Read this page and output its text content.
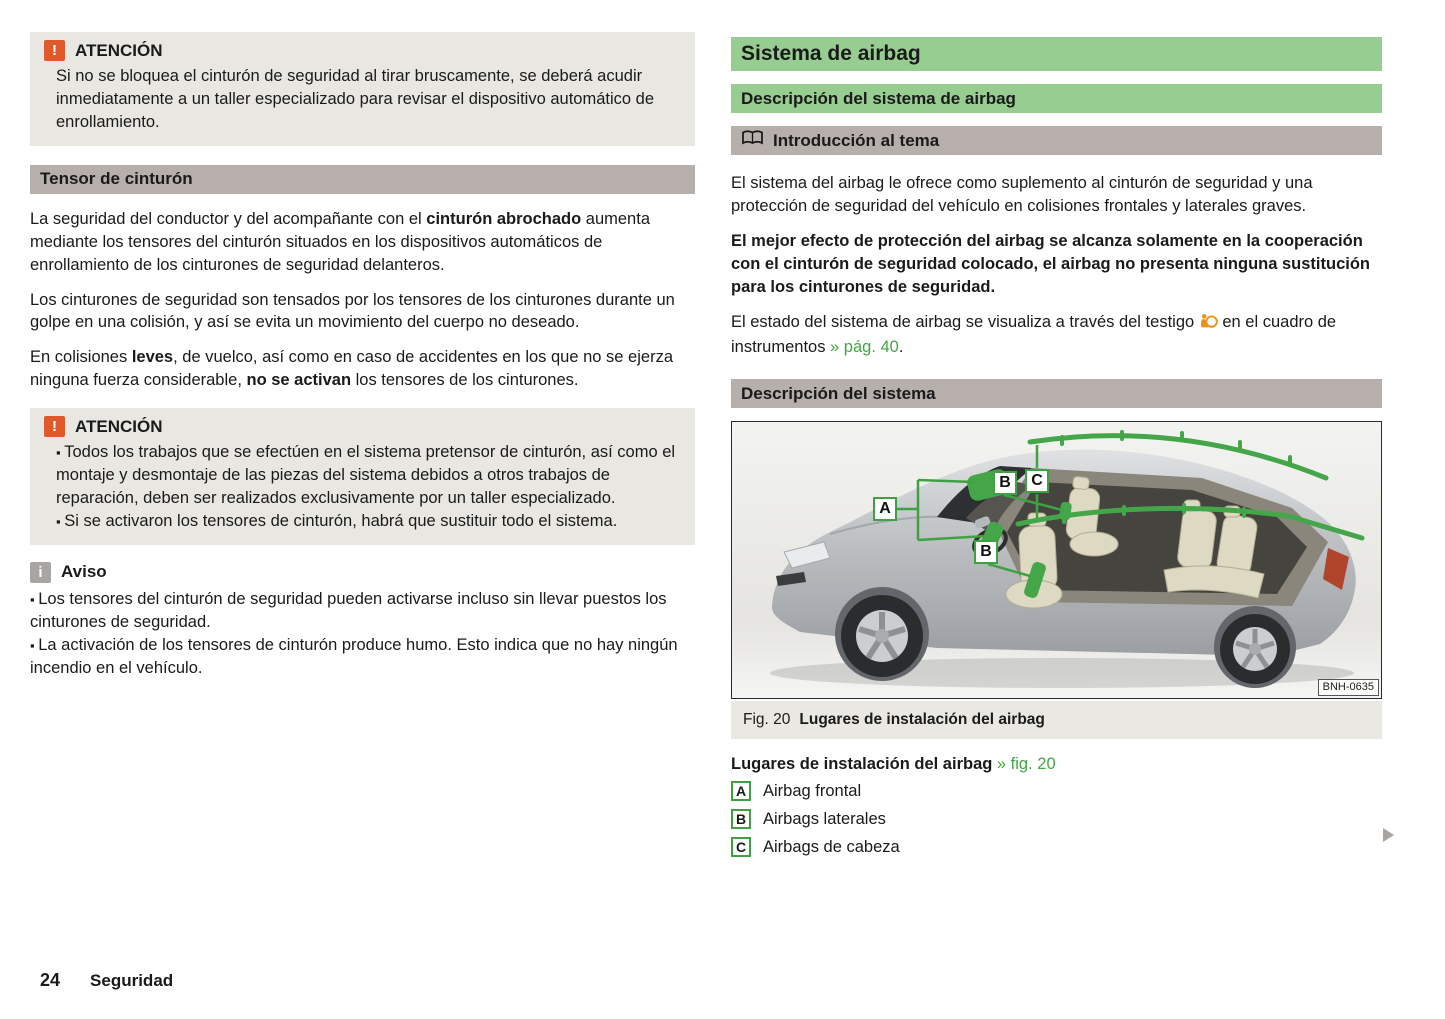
!	ATENCIÓN
Si no se bloquea el cinturón de seguridad al tirar bruscamente, se deberá acudir inmediatamente a un taller especializado para revisar el dispositivo automático de enrollamiento.
Tensor de cinturón

La seguridad del conductor y del acompañante con el cinturón abrochado aumenta mediante los tensores del cinturón situados en los dispositivos automáticos de enrollamiento de los cinturones de seguridad delanteros.

Los cinturones de seguridad son tensados por los tensores de los cinturones durante un golpe en una colisión, y así se evita un movimiento del cuerpo no deseado.

En colisiones leves, de vuelco, así como en caso de accidentes en los que no se ejerza ninguna fuerza considerable, no se activan los tensores de los cinturones.

!	ATENCIÓN
▪ Todos los trabajos que se efectúen en el sistema pretensor de cinturón, así como el montaje y desmontaje de las piezas del sistema debidos a otros trabajos de reparación, deben ser realizados exclusivamente por un taller especializado.
▪ Si se activaron los tensores de cinturón, habrá que sustituir todo el sistema.
i	Aviso
▪ Los tensores del cinturón de seguridad pueden activarse incluso sin llevar puestos los cinturones de seguridad.
▪ La activación de los tensores de cinturón produce humo. Esto indica que no hay ningún incendio en el vehículo.
Sistema de airbag
Descripción del sistema de airbag
Introducción al tema

El sistema del airbag le ofrece como suplemento al cinturón de seguridad y una protección de seguridad del vehículo en colisiones frontales y laterales graves.

El mejor efecto de protección del airbag se alcanza solamente en la cooperación con el cinturón de seguridad colocado, el airbag no presenta ninguna sustitución para los cinturones de seguridad.

El estado del sistema de airbag se visualiza a través del testigo  en el cuadro de instrumentos » pág. 40.

Descripción del sistema
A
B	C
B
BNH-0635
Fig. 20 Lugares de instalación del airbag
Lugares de instalación del airbag » fig. 20
A Airbag frontal
B Airbags laterales
C Airbags de cabeza
24 Seguridad
